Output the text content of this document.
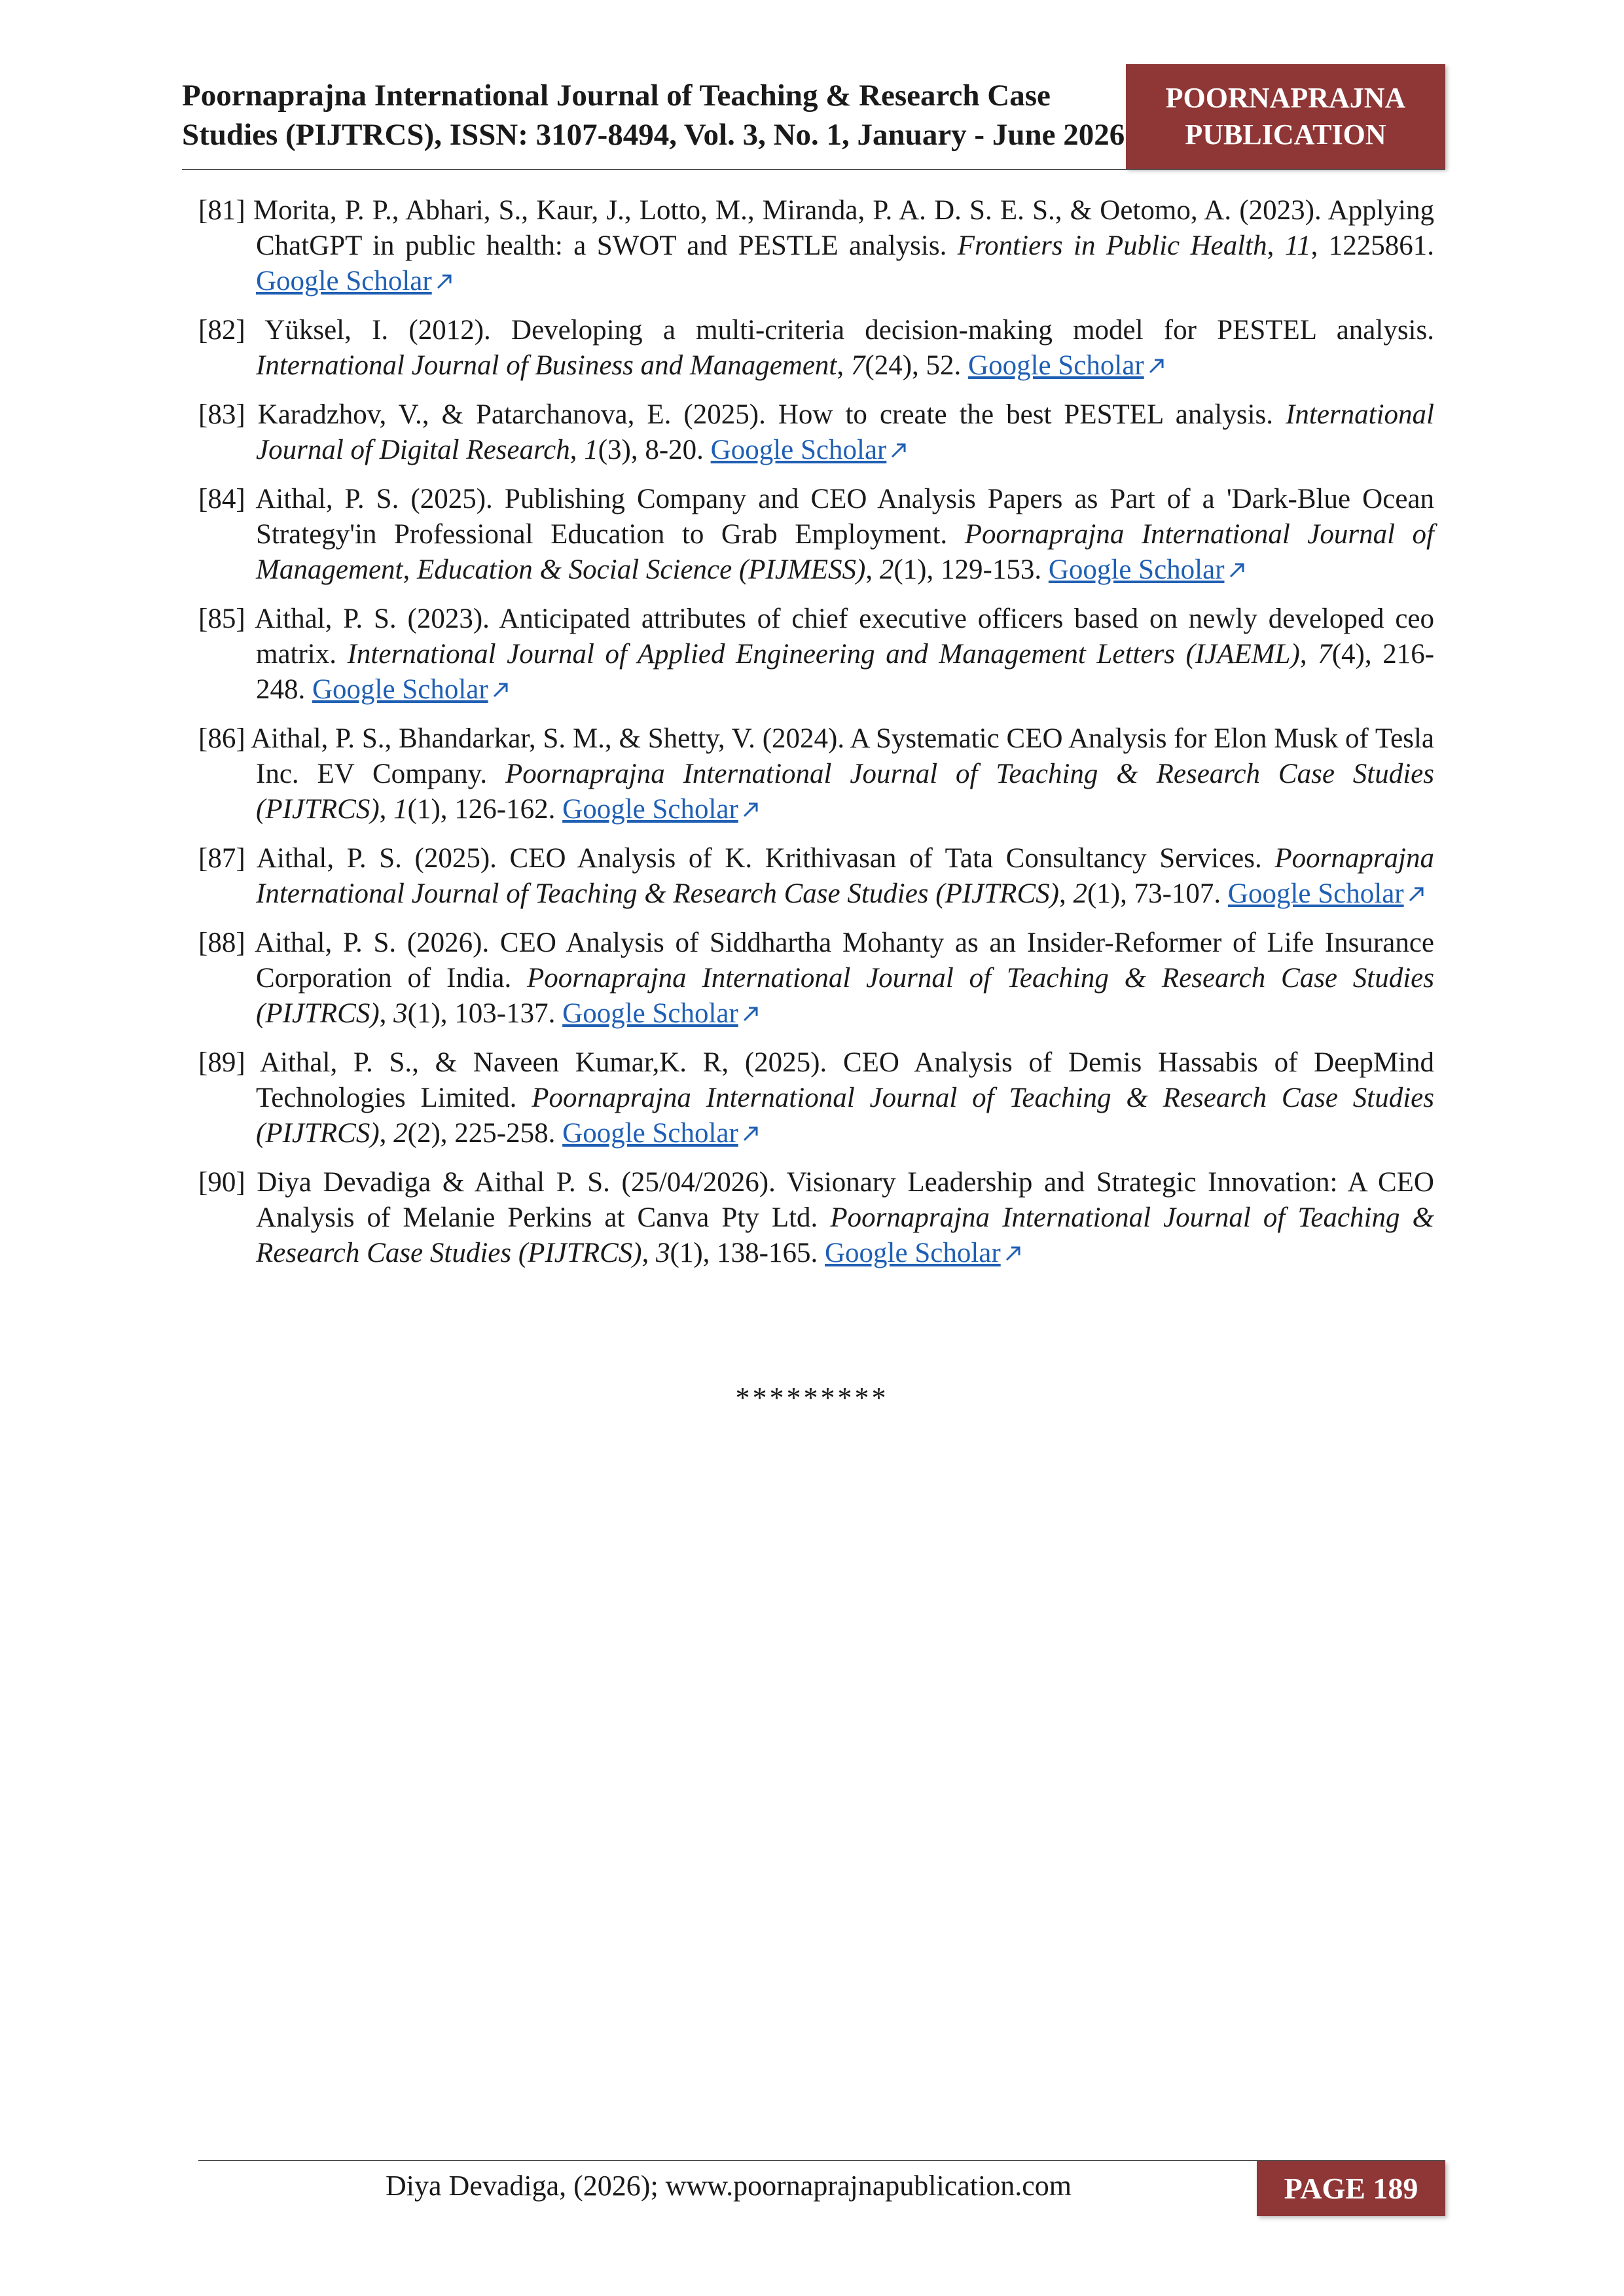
Poornaprajna International Journal of Teaching & Research Case
Studies (PIJTRCS), ISSN: 3107-8494, Vol. 3, No. 1, January - June 2026
POORNAPRAJNA
PUBLICATION

[81] Morita, P. P., Abhari, S., Kaur, J., Lotto, M., Miranda, P. A. D. S. E. S., & Oetomo, A. (2023). Applying ChatGPT in public health: a SWOT and PESTLE analysis. Frontiers in Public Health, 11, 1225861. Google Scholar

[82] Yüksel, I. (2012). Developing a multi-criteria decision-making model for PESTEL analysis. International Journal of Business and Management, 7(24), 52. Google Scholar

[83] Karadzhov, V., & Patarchanova, E. (2025). How to create the best PESTEL analysis. International Journal of Digital Research, 1(3), 8-20. Google Scholar

[84] Aithal, P. S. (2025). Publishing Company and CEO Analysis Papers as Part of a 'Dark-Blue Ocean Strategy'in Professional Education to Grab Employment. Poornaprajna International Journal of Management, Education & Social Science (PIJMESS), 2(1), 129-153. Google Scholar

[85] Aithal, P. S. (2023). Anticipated attributes of chief executive officers based on newly developed ceo matrix. International Journal of Applied Engineering and Management Letters (IJAEML), 7(4), 216-248. Google Scholar

[86] Aithal, P. S., Bhandarkar, S. M., & Shetty, V. (2024). A Systematic CEO Analysis for Elon Musk of Tesla Inc. EV Company. Poornaprajna International Journal of Teaching & Research Case Studies (PIJTRCS), 1(1), 126-162. Google Scholar

[87] Aithal, P. S. (2025). CEO Analysis of K. Krithivasan of Tata Consultancy Services. Poornaprajna International Journal of Teaching & Research Case Studies (PIJTRCS), 2(1), 73-107. Google Scholar

[88] Aithal, P. S. (2026). CEO Analysis of Siddhartha Mohanty as an Insider-Reformer of Life Insurance Corporation of India. Poornaprajna International Journal of Teaching & Research Case Studies (PIJTRCS), 3(1), 103-137. Google Scholar

[89] Aithal, P. S., & Naveen Kumar,K. R, (2025). CEO Analysis of Demis Hassabis of DeepMind Technologies Limited. Poornaprajna International Journal of Teaching & Research Case Studies (PIJTRCS), 2(2), 225-258. Google Scholar

[90] Diya Devadiga & Aithal P. S. (25/04/2026). Visionary Leadership and Strategic Innovation: A CEO Analysis of Melanie Perkins at Canva Pty Ltd. Poornaprajna International Journal of Teaching & Research Case Studies (PIJTRCS), 3(1), 138-165. Google Scholar

*********
Diya Devadiga, (2026); www.poornaprajnapublication.com	PAGE 189
